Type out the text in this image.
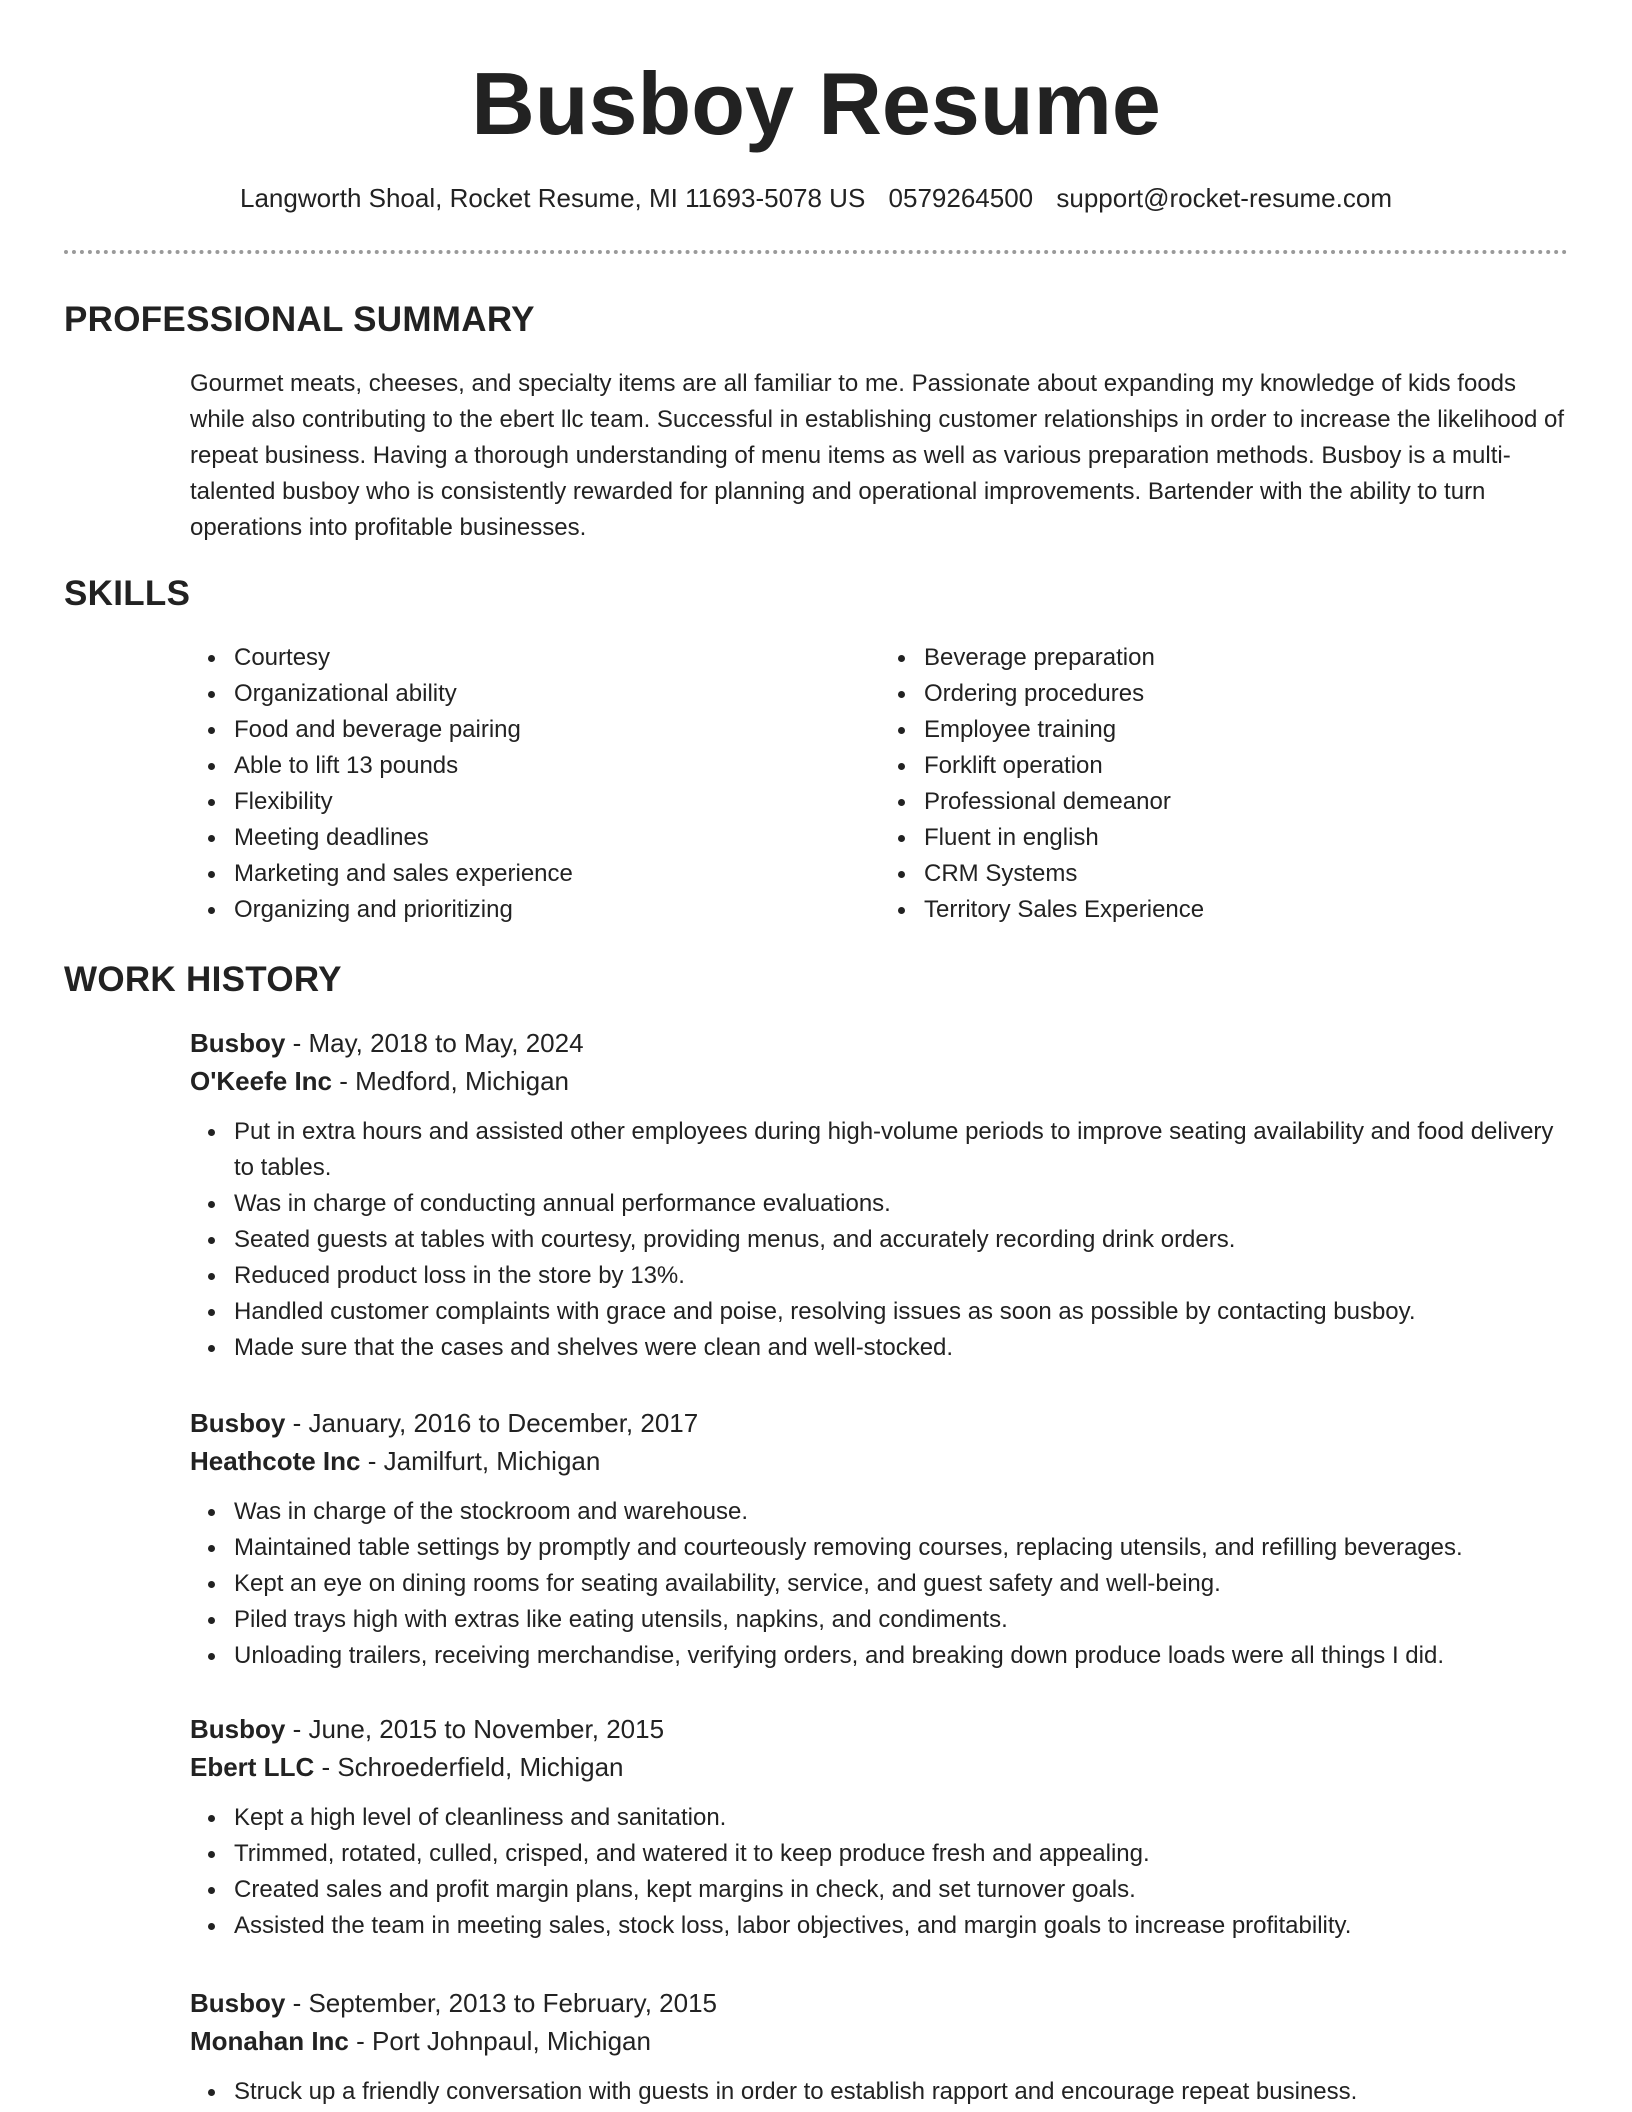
Busboy Resume
Langworth Shoal, Rocket Resume, MI 11693-5078 US 0579264500 support@rocket-resume.com
PROFESSIONAL SUMMARY

Gourmet meats, cheeses, and specialty items are all familiar to me. Passionate about expanding my knowledge of kids foods while also contributing to the ebert llc team. Successful in establishing customer relationships in order to increase the likelihood of repeat business. Having a thorough understanding of menu items as well as various preparation methods. Busboy is a multi-talented busboy who is consistently rewarded for planning and operational improvements. Bartender with the ability to turn operations into profitable businesses.

SKILLS
Courtesy
Organizational ability
Food and beverage pairing
Able to lift 13 pounds
Flexibility
Meeting deadlines
Marketing and sales experience
Organizing and prioritizing
Beverage preparation
Ordering procedures
Employee training
Forklift operation
Professional demeanor
Fluent in english
CRM Systems
Territory Sales Experience
WORK HISTORY
Busboy - May, 2018 to May, 2024
O'Keefe Inc - Medford, Michigan
Put in extra hours and assisted other employees during high-volume periods to improve seating availability and food delivery to tables.
Was in charge of conducting annual performance evaluations.
Seated guests at tables with courtesy, providing menus, and accurately recording drink orders.
Reduced product loss in the store by 13%.
Handled customer complaints with grace and poise, resolving issues as soon as possible by contacting busboy.
Made sure that the cases and shelves were clean and well-stocked.
Busboy - January, 2016 to December, 2017
Heathcote Inc - Jamilfurt, Michigan
Was in charge of the stockroom and warehouse.
Maintained table settings by promptly and courteously removing courses, replacing utensils, and refilling beverages.
Kept an eye on dining rooms for seating availability, service, and guest safety and well-being.
Piled trays high with extras like eating utensils, napkins, and condiments.
Unloading trailers, receiving merchandise, verifying orders, and breaking down produce loads were all things I did.
Busboy - June, 2015 to November, 2015
Ebert LLC - Schroederfield, Michigan
Kept a high level of cleanliness and sanitation.
Trimmed, rotated, culled, crisped, and watered it to keep produce fresh and appealing.
Created sales and profit margin plans, kept margins in check, and set turnover goals.
Assisted the team in meeting sales, stock loss, labor objectives, and margin goals to increase profitability.
Busboy - September, 2013 to February, 2015
Monahan Inc - Port Johnpaul, Michigan
Struck up a friendly conversation with guests in order to establish rapport and encourage repeat business.
